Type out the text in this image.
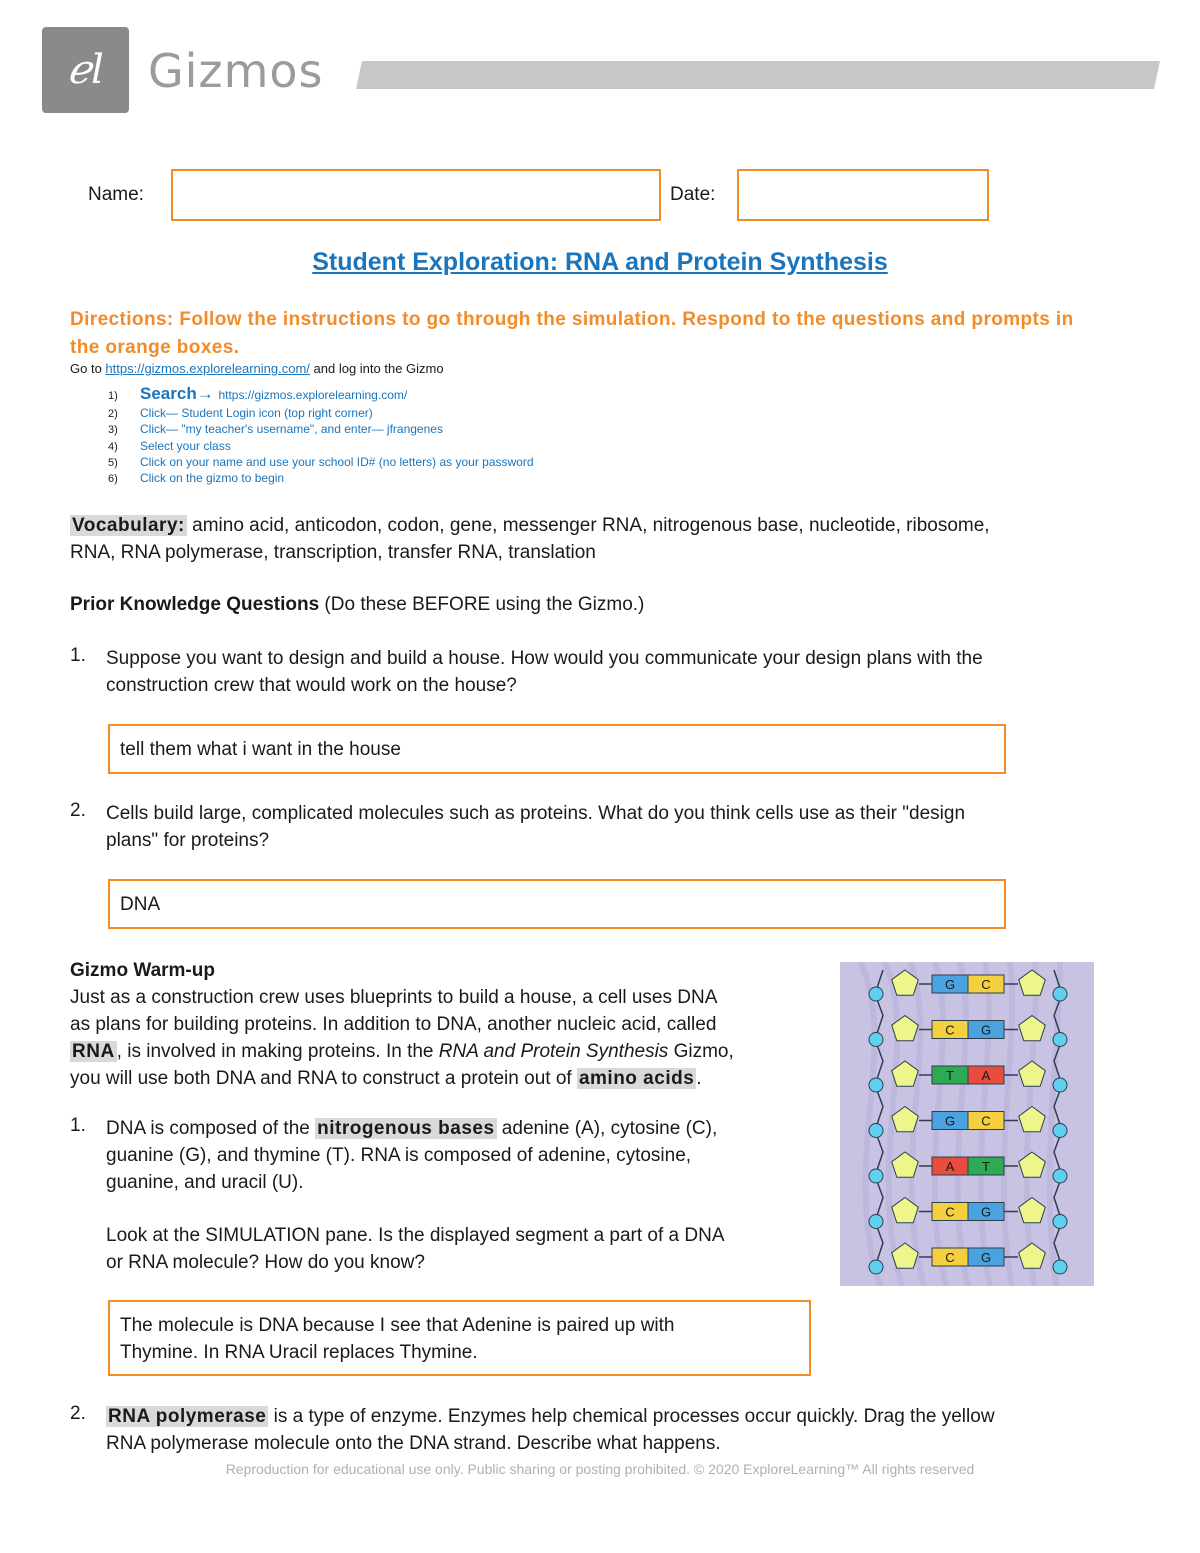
ℯl Gizmos
Name:	Date:
Student Exploration: RNA and Protein Synthesis
Directions: Follow the instructions to go through the simulation. Respond to the questions and prompts in the orange boxes.
Go to https://gizmos.explorelearning.com/ and log into the Gizmo
1) Search→ https://gizmos.explorelearning.com/
2) Click— Student Login icon (top right corner)
3) Click— "my teacher's username", and enter— jfrangenes
4) Select your class
5) Click on your name and use your school ID# (no letters) as your password
6) Click on the gizmo to begin
Vocabulary: amino acid, anticodon, codon, gene, messenger RNA, nitrogenous base, nucleotide, ribosome,
RNA, RNA polymerase, transcription, transfer RNA, translation
Prior Knowledge Questions (Do these BEFORE using the Gizmo.)
1. Suppose you want to design and build a house. How would you communicate your design plans with the
construction crew that would work on the house?
tell them what i want in the house
2. Cells build large, complicated molecules such as proteins. What do you think cells use as their "design
plans" for proteins?
DNA
Gizmo Warm-up
Just as a construction crew uses blueprints to build a house, a cell uses DNA
as plans for building proteins. In addition to DNA, another nucleic acid, called
RNA , is involved in making proteins. In the RNA and Protein Synthesis Gizmo,
you will use both DNA and RNA to construct a protein out of amino acids .
1. DNA is composed of the nitrogenous bases adenine (A), cytosine (C),
guanine (G), and thymine (T). RNA is composed of adenine, cytosine,
guanine, and uracil (U).
Look at the SIMULATION pane. Is the displayed segment a part of a DNA
or RNA molecule? How do you know?
The molecule is DNA because I see that Adenine is paired up with
Thymine. In RNA Uracil replaces Thymine.
2. RNA polymerase is a type of enzyme. Enzymes help chemical processes occur quickly. Drag the yellow
RNA polymerase molecule onto the DNA strand. Describe what happens.
G C
C G
T A
G C
A T
C G
C G
Reproduction for educational use only. Public sharing or posting prohibited. © 2020 ExploreLearning™ All rights reserved
